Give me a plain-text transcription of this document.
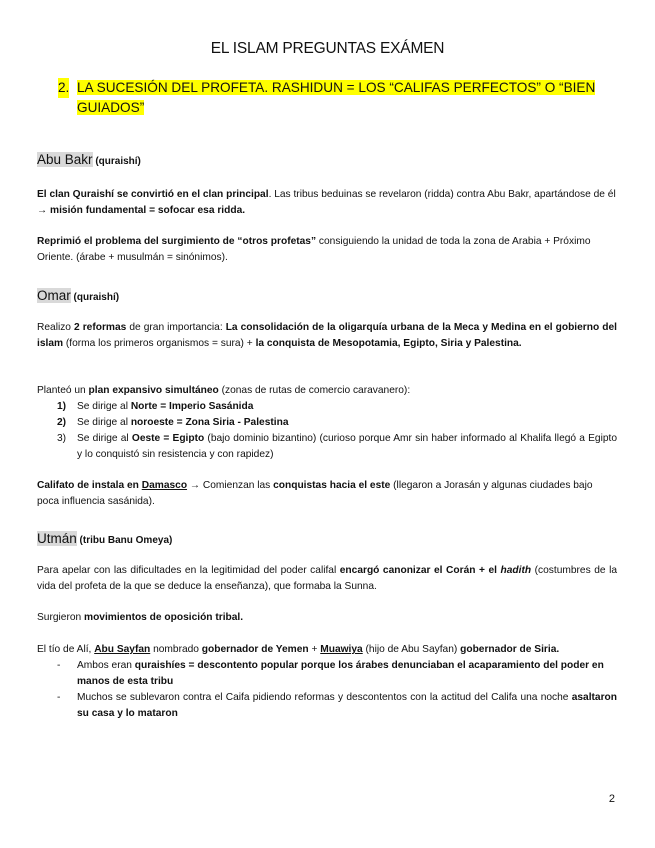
EL ISLAM PREGUNTAS EXÁMEN
2. LA SUCESIÓN DEL PROFETA. RASHIDUN = LOS “CALIFAS PERFECTOS” O “BIEN GUIADOS”
Abu Bakr (quraishí)
El clan Quraishí se convirtió en el clan principal. Las tribus beduinas se revelaron (ridda) contra Abu Bakr, apartándose de él → misión fundamental = sofocar esa ridda.
Reprimió el problema del surgimiento de “otros profetas” consiguiendo la unidad de toda la zona de Arabia + Próximo Oriente. (árabe + musulmán = sinónimos).
Omar (quraishí)
Realizo 2 reformas de gran importancia: La consolidación de la oligarquía urbana de la Meca y Medina en el gobierno del islam (forma los primeros organismos = sura) + la conquista de Mesopotamia, Egipto, Siria y Palestina.
Planteó un plan expansivo simultáneo (zonas de rutas de comercio caravanero):
1) Se dirige al Norte = Imperio Sasánida
2) Se dirige al noroeste = Zona Siria - Palestina
3) Se dirige al Oeste = Egipto (bajo dominio bizantino) (curioso porque Amr sin haber informado al Khalifa llegó a Egipto y lo conquistó sin resistencia y con rapidez)
Califato de instala en Damasco → Comienzan las conquistas hacia el este (llegaron a Jorasán y algunas ciudades bajo poca influencia sasánida).
Utmán (tribu Banu Omeya)
Para apelar con las dificultades en la legitimidad del poder califal encargó canonizar el Corán + el hadith (costumbres de la vida del profeta de la que se deduce la enseñanza), que formaba la Sunna.
Surgieron movimientos de oposición tribal.
El tío de Alí, Abu Sayfan nombrado gobernador de Yemen + Muawiya (hijo de Abu Sayfan) gobernador de Siria.
- Ambos eran quraishíes = descontento popular porque los árabes denunciaban el acaparamiento del poder en manos de esta tribu
- Muchos se sublevaron contra el Caifa pidiendo reformas y descontentos con la actitud del Califa una noche asaltaron su casa y lo mataron
2
